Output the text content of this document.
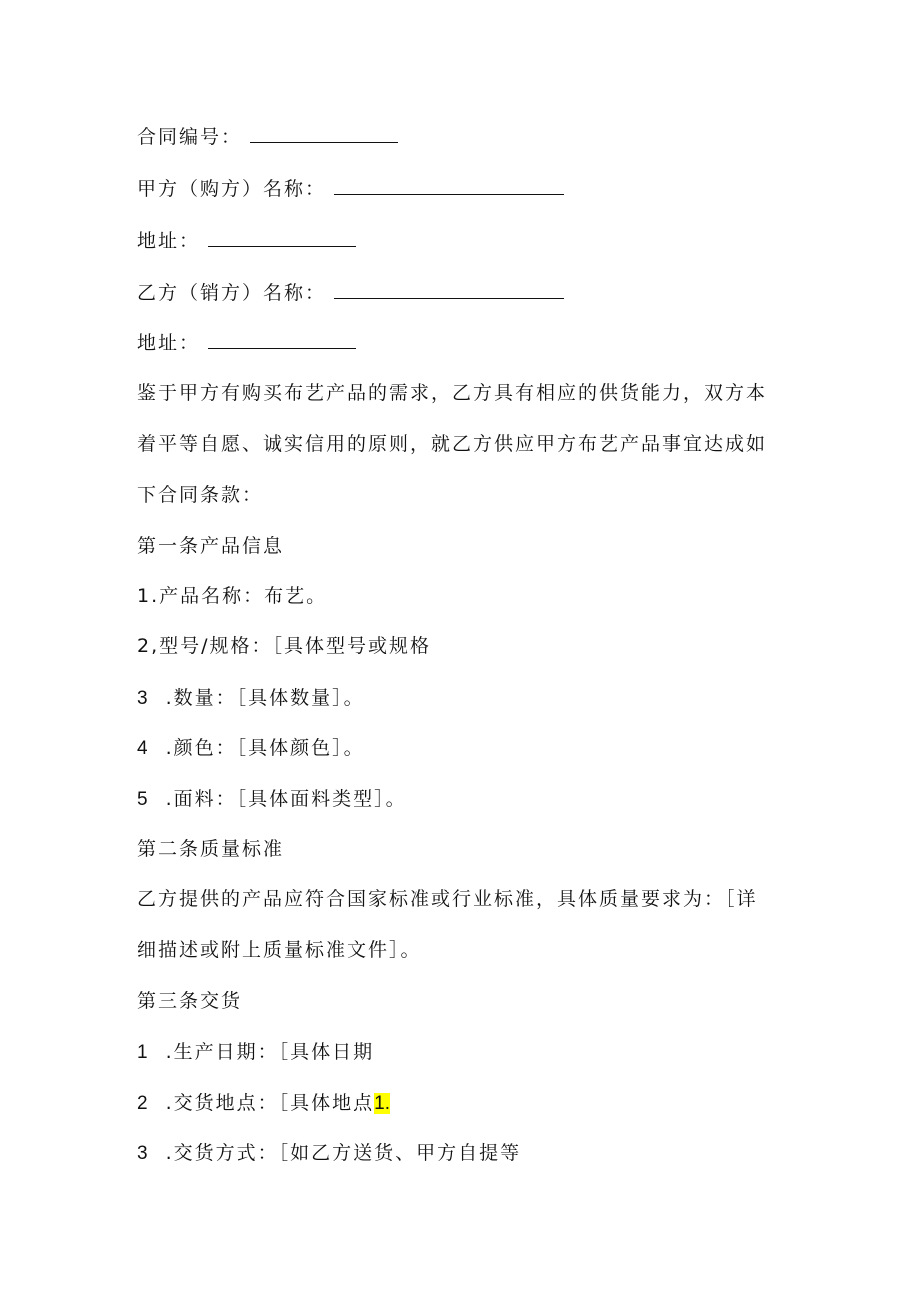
合同编号：
甲方（购方）名称：
地址：
乙方（销方）名称：
地址：
鉴于甲方有购买布艺产品的需求，乙方具有相应的供货能力，双方本
着平等自愿、诚实信用的原则，就乙方供应甲方布艺产品事宜达成如
下合同条款：
第一条产品信息
1.产品名称：布艺。
2,型号/规格：［具体型号或规格
3 .数量：［具体数量］。
4 .颜色：［具体颜色］。
5 .面料：［具体面料类型］。
第二条质量标准
乙方提供的产品应符合国家标准或行业标准，具体质量要求为：［详
细描述或附上质量标准文件］。
第三条交货
1 .生产日期：［具体日期
2 .交货地点：［具体地点1.
3 .交货方式：［如乙方送货、甲方自提等
